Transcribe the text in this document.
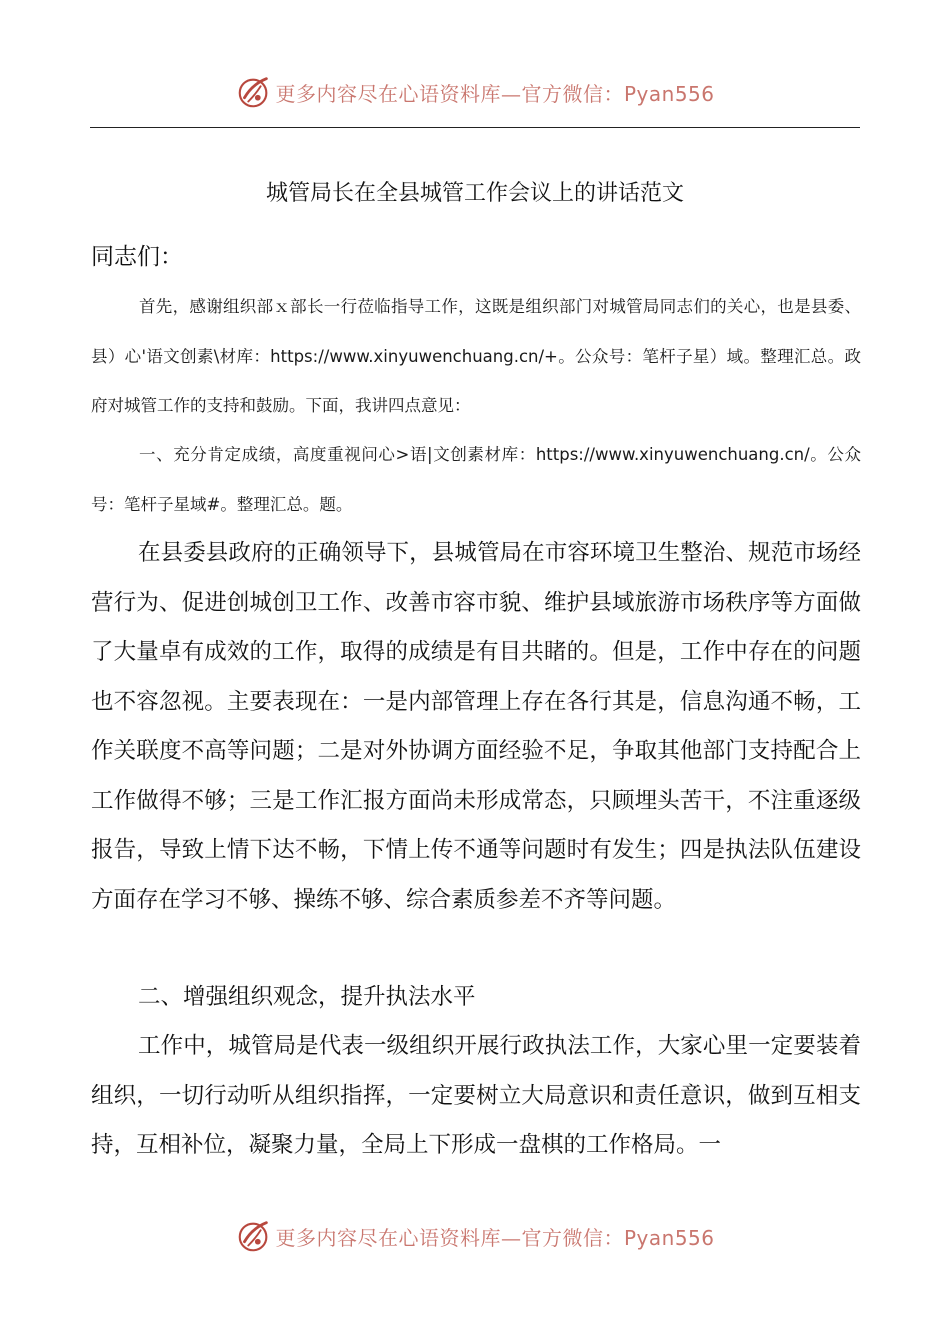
更多内容尽在心语资料库—官方微信：Pyan556
城管局长在全县城管工作会议上的讲话范文
同志们：
首先，感谢组织部ｘ部长一行莅临指导工作，这既是组织部门对城管局同志们的关心，也是县委、县）心'语文创素\材库：https://www.xinyuwenchuang.cn/+。公众号：笔杆子星）域。整理汇总。政府对城管工作的支持和鼓励。下面，我讲四点意见：
一、充分肯定成绩，高度重视问心>语|文创素材库：https://www.xinyuwenchuang.cn/。公众号：笔杆子星域#。整理汇总。题。
在县委县政府的正确领导下，县城管局在市容环境卫生整治、规范市场经营行为、促进创城创卫工作、改善市容市貌、维护县域旅游市场秩序等方面做了大量卓有成效的工作，取得的成绩是有目共睹的。但是，工作中存在的问题也不容忽视。主要表现在：一是内部管理上存在各行其是，信息沟通不畅，工作关联度不高等问题；二是对外协调方面经验不足，争取其他部门支持配合上工作做得不够；三是工作汇报方面尚未形成常态，只顾埋头苦干，不注重逐级报告，导致上情下达不畅，下情上传不通等问题时有发生；四是执法队伍建设方面存在学习不够、操练不够、综合素质参差不齐等问题。
二、增强组织观念，提升执法水平
工作中，城管局是代表一级组织开展行政执法工作，大家心里一定要装着组织，一切行动听从组织指挥，一定要树立大局意识和责任意识，做到互相支持，互相补位，凝聚力量，全局上下形成一盘棋的工作格局。一
更多内容尽在心语资料库—官方微信：Pyan556
